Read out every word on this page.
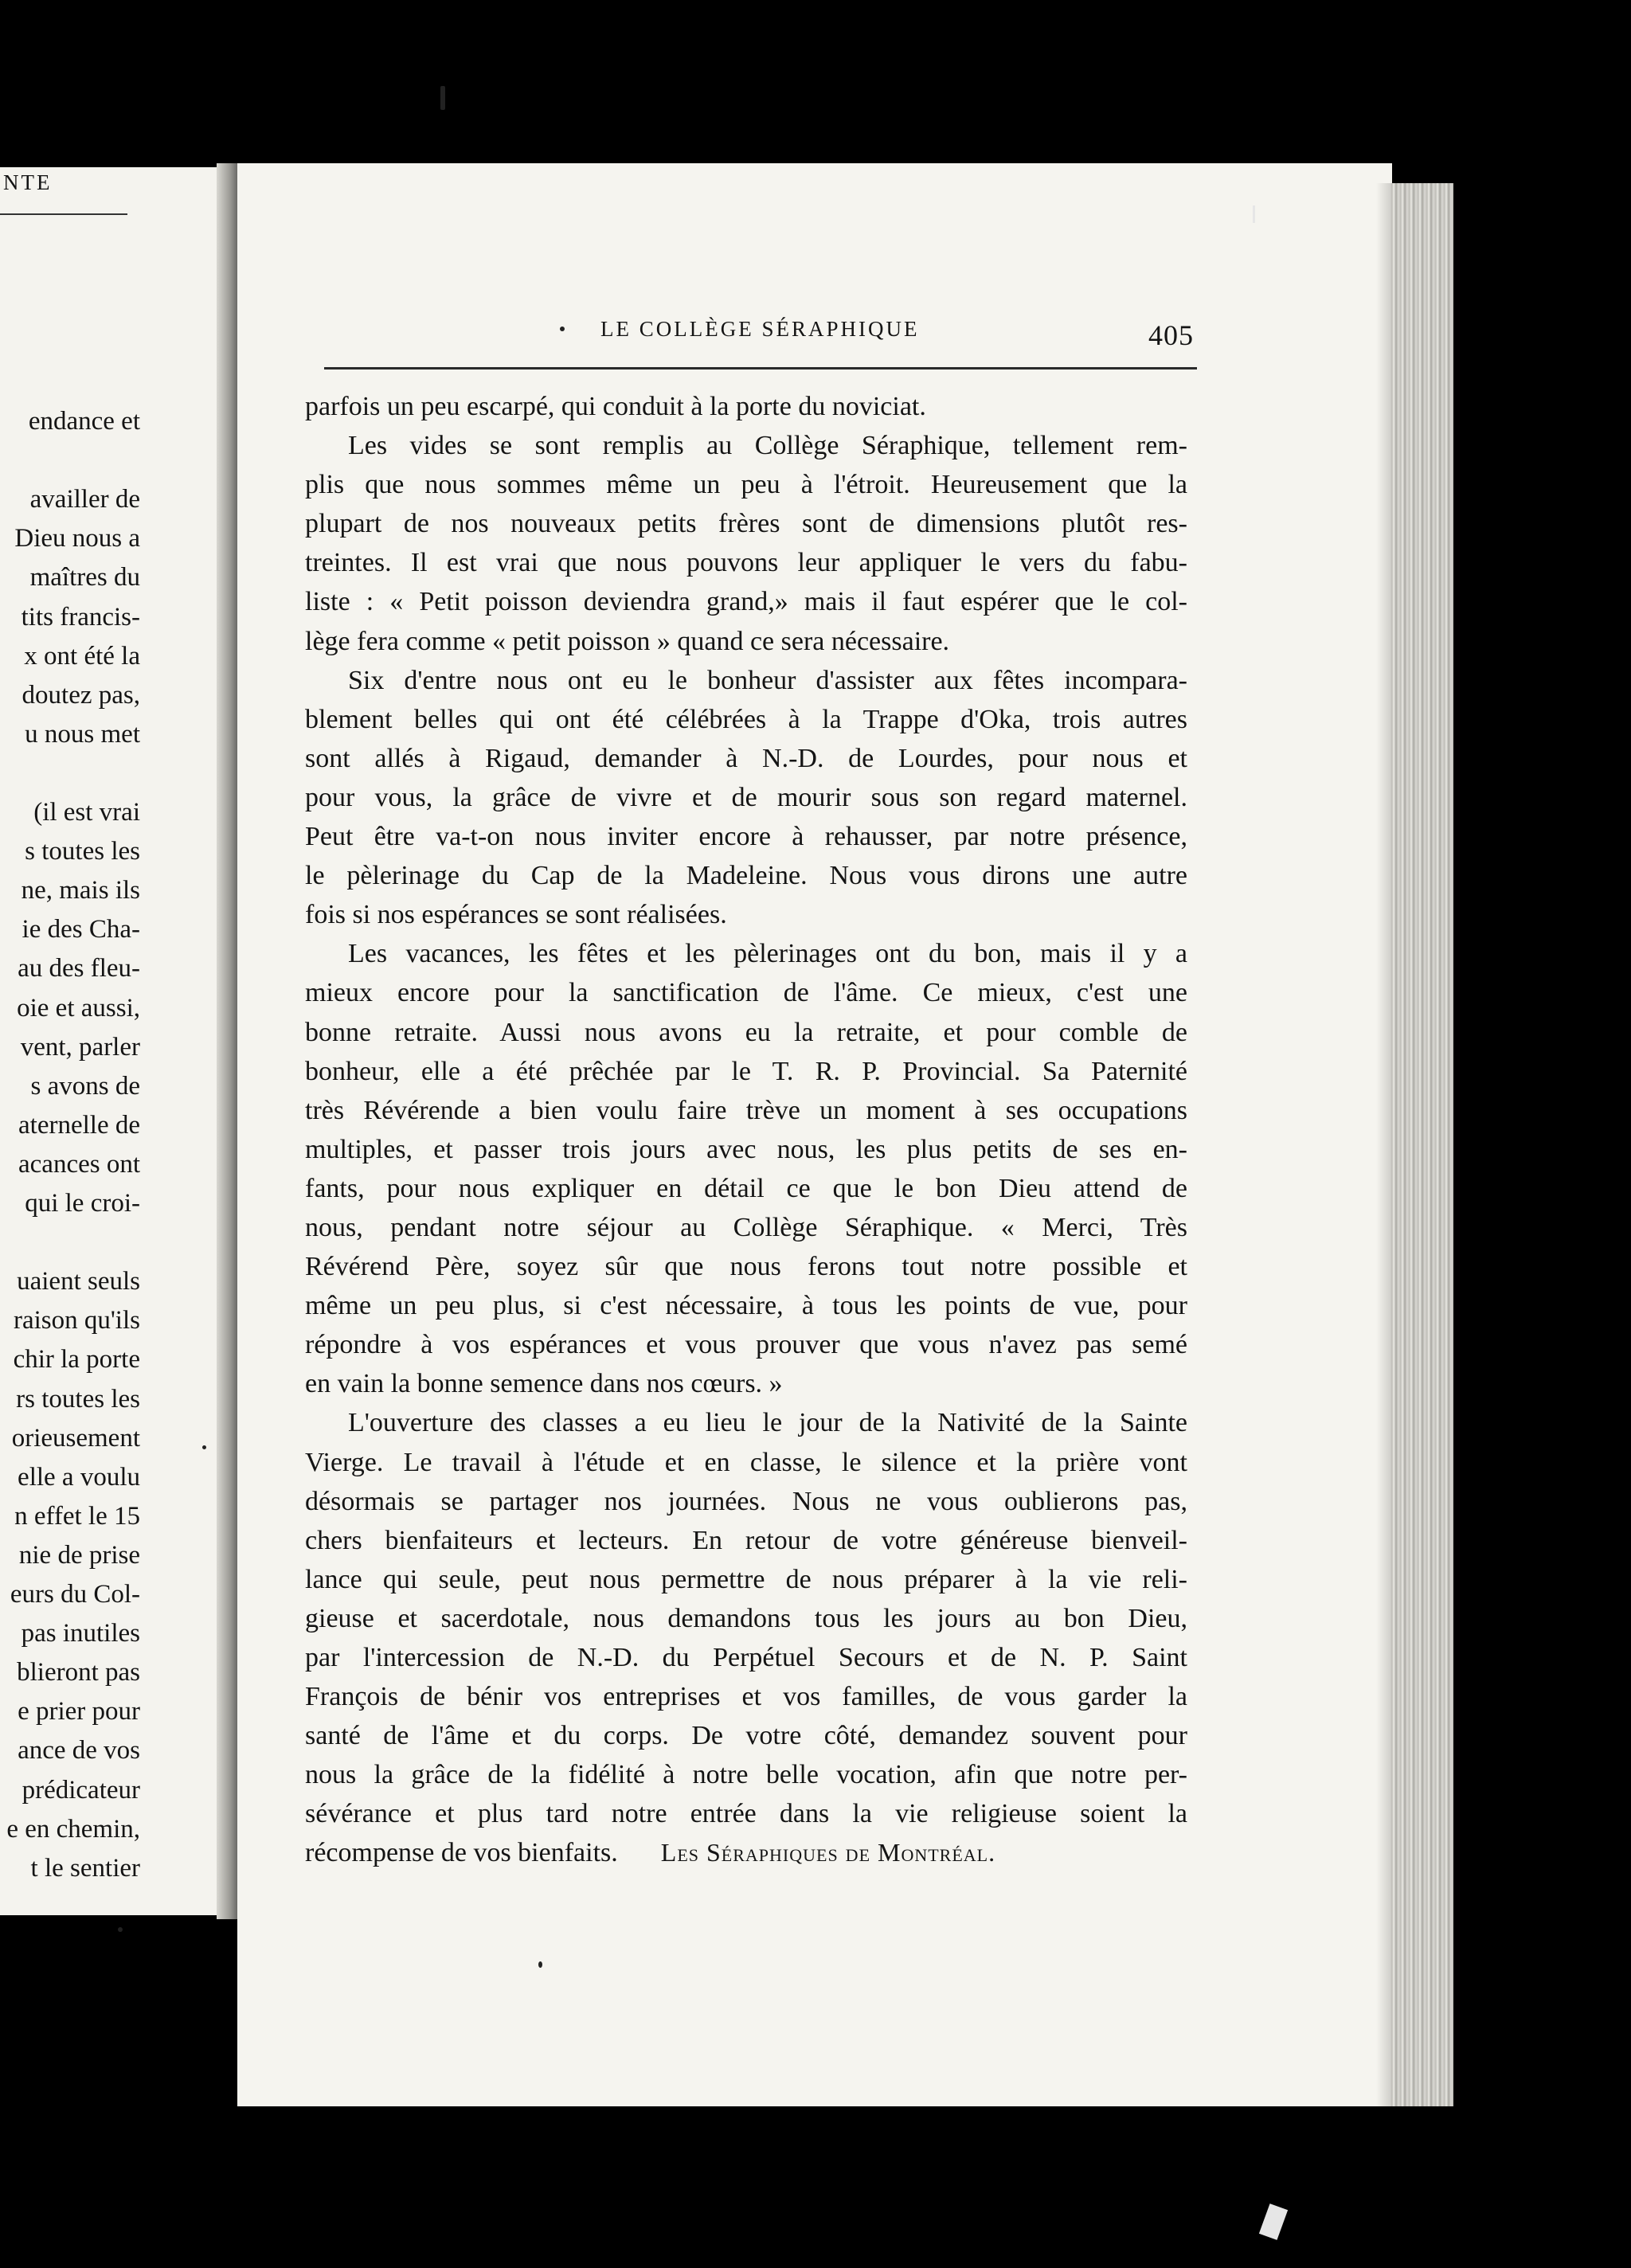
NTE
endance et
availler de
Dieu nous a
maîtres du
tits francis-
x ont été la
doutez pas,
u nous met
(il est vrai
s toutes les
ne, mais ils
ie des Cha-
au des fleu-
oie et aussi,
vent, parler
s avons de
aternelle de
acances ont
qui le croi-
uaient seuls
raison qu'ils
chir la porte
rs toutes les
orieusement
elle a voulu
n effet le 15
nie de prise
eurs du Col-
pas inutiles
blieront pas
e prier pour
ance de vos
prédicateur
e en chemin,
t le sentier
LE COLLÈGE SÉRAPHIQUE	405
parfois un peu escarpé, qui conduit à la porte du noviciat.
Les vides se sont remplis au Collège Séraphique, tellement rem-
plis que nous sommes même un peu à l'étroit. Heureusement que la
plupart de nos nouveaux petits frères sont de dimensions plutôt res-
treintes. Il est vrai que nous pouvons leur appliquer le vers du fabu-
liste : « Petit poisson deviendra grand,» mais il faut espérer que le col-
lège fera comme « petit poisson » quand ce sera nécessaire.
Six d'entre nous ont eu le bonheur d'assister aux fêtes incompara-
blement belles qui ont été célébrées à la Trappe d'Oka, trois autres
sont allés à Rigaud, demander à N.-D. de Lourdes, pour nous et
pour vous, la grâce de vivre et de mourir sous son regard maternel.
Peut être va-t-on nous inviter encore à rehausser, par notre présence,
le pèlerinage du Cap de la Madeleine. Nous vous dirons une autre
fois si nos espérances se sont réalisées.
Les vacances, les fêtes et les pèlerinages ont du bon, mais il y a
mieux encore pour la sanctification de l'âme. Ce mieux, c'est une
bonne retraite. Aussi nous avons eu la retraite, et pour comble de
bonheur, elle a été prêchée par le T. R. P. Provincial. Sa Paternité
très Révérende a bien voulu faire trève un moment à ses occupations
multiples, et passer trois jours avec nous, les plus petits de ses en-
fants, pour nous expliquer en détail ce que le bon Dieu attend de
nous, pendant notre séjour au Collège Séraphique. « Merci, Très
Révérend Père, soyez sûr que nous ferons tout notre possible et
même un peu plus, si c'est nécessaire, à tous les points de vue, pour
répondre à vos espérances et vous prouver que vous n'avez pas semé
en vain la bonne semence dans nos cœurs. »
L'ouverture des classes a eu lieu le jour de la Nativité de la Sainte
Vierge. Le travail à l'étude et en classe, le silence et la prière vont
désormais se partager nos journées. Nous ne vous oublierons pas,
chers bienfaiteurs et lecteurs. En retour de votre généreuse bienveil-
lance qui seule, peut nous permettre de nous préparer à la vie reli-
gieuse et sacerdotale, nous demandons tous les jours au bon Dieu,
par l'intercession de N.-D. du Perpétuel Secours et de N. P. Saint
François de bénir vos entreprises et vos familles, de vous garder la
santé de l'âme et du corps. De votre côté, demandez souvent pour
nous la grâce de la fidélité à notre belle vocation, afin que notre per-
sévérance et plus tard notre entrée dans la vie religieuse soient la
récompense de vos bienfaits. Les Séraphiques de Montréal.
